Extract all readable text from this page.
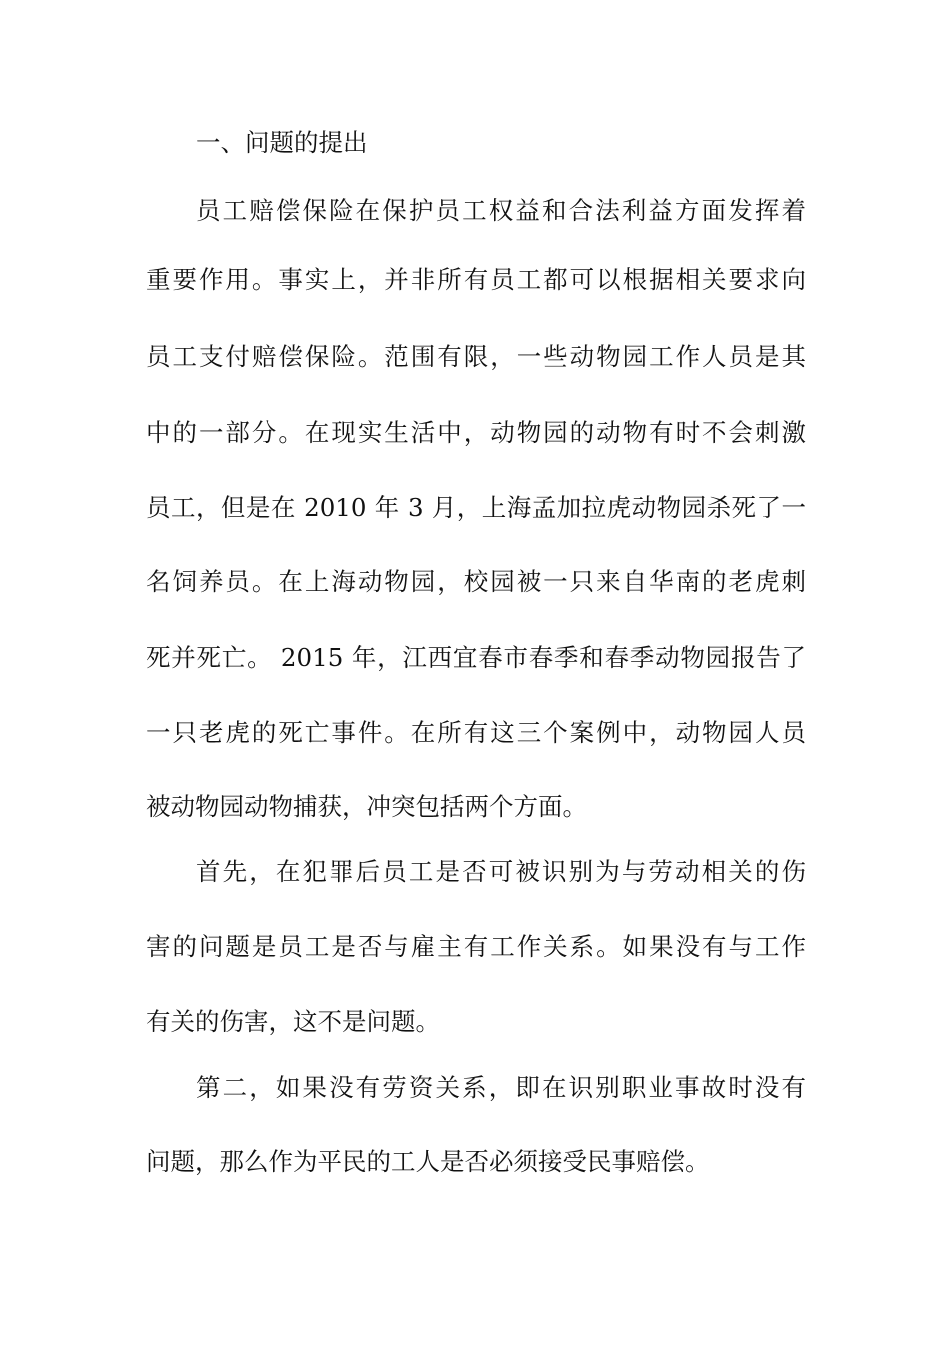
一、问题的提出
员工赔偿保险在保护员工权益和合法利益方面发挥着
重要作用。事实上，并非所有员工都可以根据相关要求向
员工支付赔偿保险。范围有限，一些动物园工作人员是其
中的一部分。在现实生活中，动物园的动物有时不会刺激
员工，但是在 2010 年 3 月，上海孟加拉虎动物园杀死了一
名饲养员。在上海动物园，校园被一只来自华南的老虎刺
死并死亡。 2015 年，江西宜春市春季和春季动物园报告了
一只老虎的死亡事件。在所有这三个案例中，动物园人员
被动物园动物捕获，冲突包括两个方面。
首先，在犯罪后员工是否可被识别为与劳动相关的伤
害的问题是员工是否与雇主有工作关系。如果没有与工作
有关的伤害，这不是问题。
第二，如果没有劳资关系，即在识别职业事故时没有
问题，那么作为平民的工人是否必须接受民事赔偿。
